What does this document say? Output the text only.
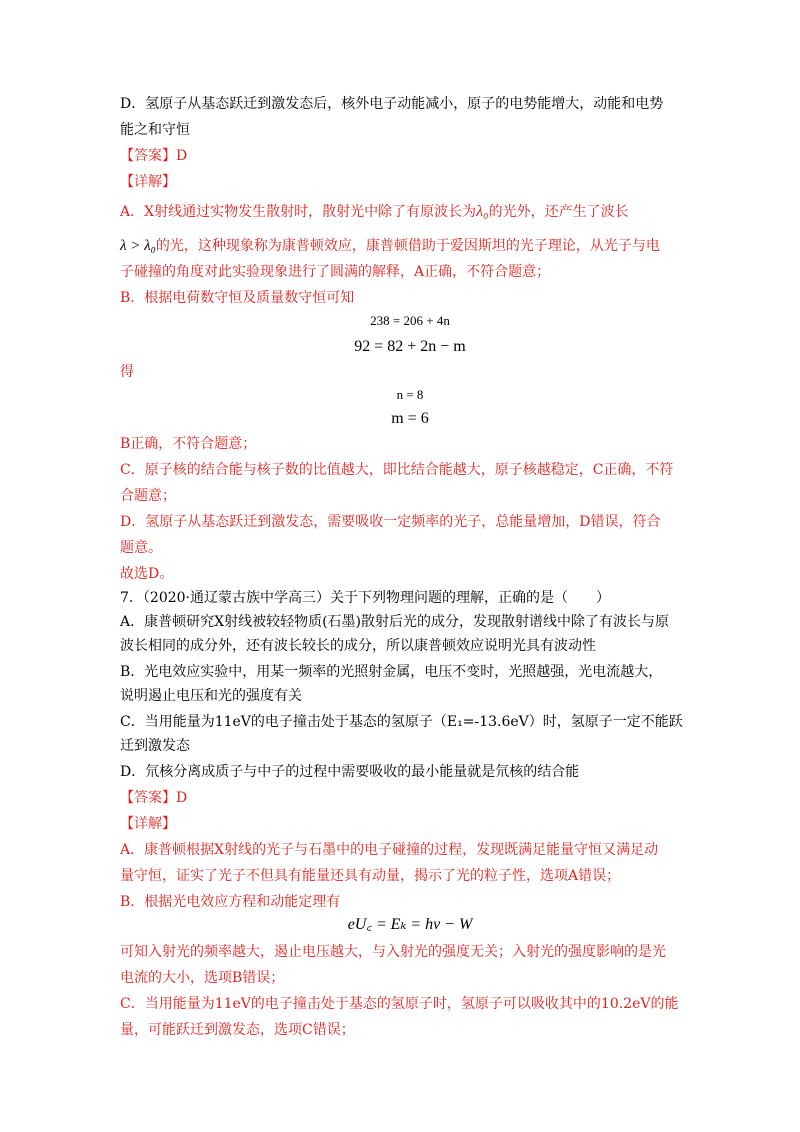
D．氢原子从基态跃迁到激发态后，核外电子动能减小，原子的电势能增大，动能和电势
能之和守恒
【答案】D
【详解】
A．X射线通过实物发生散射时，散射光中除了有原波长为λ₀的光外，还产生了波长
λ > λ₀的光，这种现象称为康普顿效应，康普顿借助于爱因斯坦的光子理论，从光子与电
子碰撞的角度对此实验现象进行了圆满的解释，A正确，不符合题意；
B．根据电荷数守恒及质量数守恒可知
238 = 206 + 4n
92 = 82 + 2n − m
得
n = 8
m = 6
B正确，不符合题意；
C．原子核的结合能与核子数的比值越大，即比结合能越大，原子核越稳定，C正确，不符
合题意；
D．氢原子从基态跃迁到激发态，需要吸收一定频率的光子，总能量增加，D错误，符合
题意。
故选D。
7．（2020·通辽蒙古族中学高三）关于下列物理问题的理解，正确的是（　　）
A．康普顿研究X射线被较轻物质(石墨)散射后光的成分，发现散射谱线中除了有波长与原
波长相同的成分外，还有波长较长的成分，所以康普顿效应说明光具有波动性
B．光电效应实验中，用某一频率的光照射金属，电压不变时，光照越强，光电流越大，
说明遏止电压和光的强度有关
C．当用能量为11eV的电子撞击处于基态的氢原子（E₁=-13.6eV）时，氢原子一定不能跃
迁到激发态
D．氘核分离成质子与中子的过程中需要吸收的最小能量就是氘核的结合能
【答案】D
【详解】
A．康普顿根据X射线的光子与石墨中的电子碰撞的过程，发现既满足能量守恒又满足动
量守恒，证实了光子不但具有能量还具有动量，揭示了光的粒子性，选项A错误；
B．根据光电效应方程和动能定理有
eU꜀ = Eₖ = hν − W
可知入射光的频率越大，遏止电压越大，与入射光的强度无关；入射光的强度影响的是光
电流的大小，选项B错误；
C．当用能量为11eV的电子撞击处于基态的氢原子时，氢原子可以吸收其中的10.2eV的能
量，可能跃迁到激发态，选项C错误；
